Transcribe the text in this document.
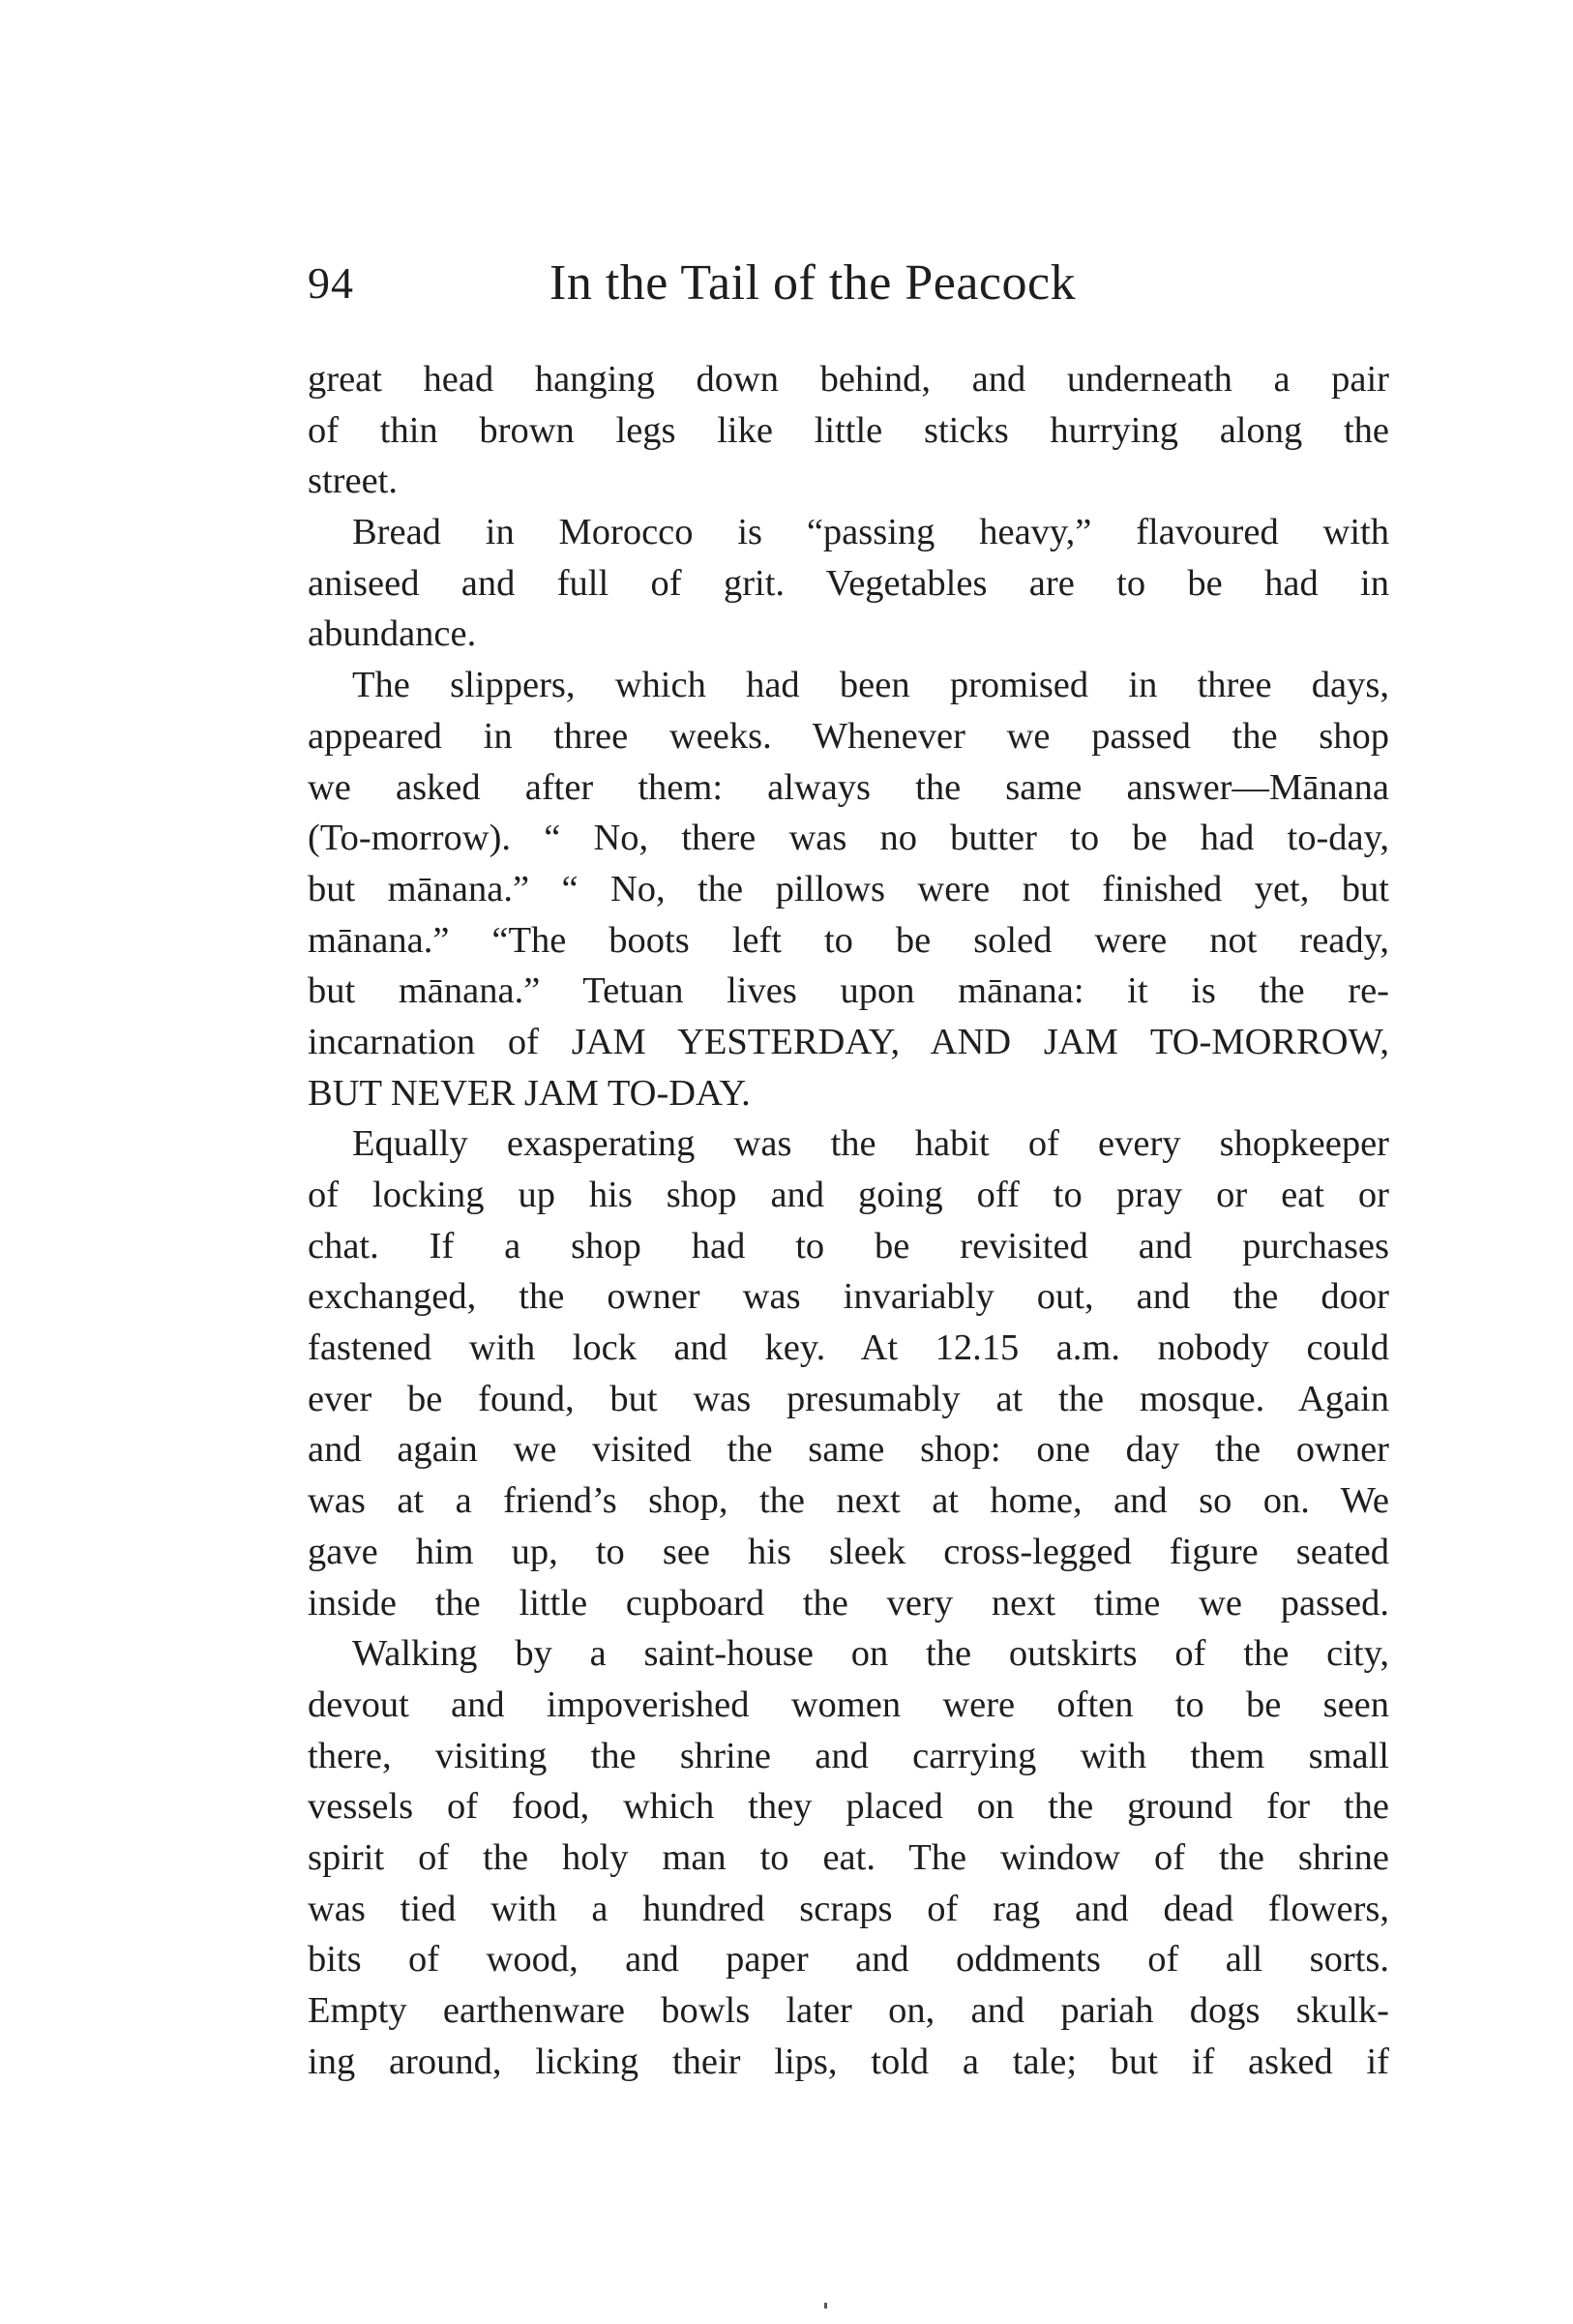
94	In the Tail of the Peacock
great head hanging down behind, and underneath a pair
of thin brown legs like little sticks hurrying along the
street.
Bread in Morocco is “passing heavy,” flavoured with
aniseed and full of grit. Vegetables are to be had in
abundance.
The slippers, which had been promised in three days,
appeared in three weeks. Whenever we passed the shop
we asked after them: always the same answer—Mānana
(To-morrow). “ No, there was no butter to be had to-day,
but mānana.” “ No, the pillows were not finished yet, but
mānana.” “The boots left to be soled were not ready,
but mānana.” Tetuan lives upon mānana: it is the re-
incarnation of JAM YESTERDAY, AND JAM TO-MORROW,
BUT NEVER JAM TO-DAY.
Equally exasperating was the habit of every shopkeeper
of locking up his shop and going off to pray or eat or
chat. If a shop had to be revisited and purchases
exchanged, the owner was invariably out, and the door
fastened with lock and key. At 12.15 a.m. nobody could
ever be found, but was presumably at the mosque. Again
and again we visited the same shop: one day the owner
was at a friend’s shop, the next at home, and so on. We
gave him up, to see his sleek cross-legged figure seated
inside the little cupboard the very next time we passed.
Walking by a saint-house on the outskirts of the city,
devout and impoverished women were often to be seen
there, visiting the shrine and carrying with them small
vessels of food, which they placed on the ground for the
spirit of the holy man to eat. The window of the shrine
was tied with a hundred scraps of rag and dead flowers,
bits of wood, and paper and oddments of all sorts.
Empty earthenware bowls later on, and pariah dogs skulk-
ing around, licking their lips, told a tale; but if asked if
